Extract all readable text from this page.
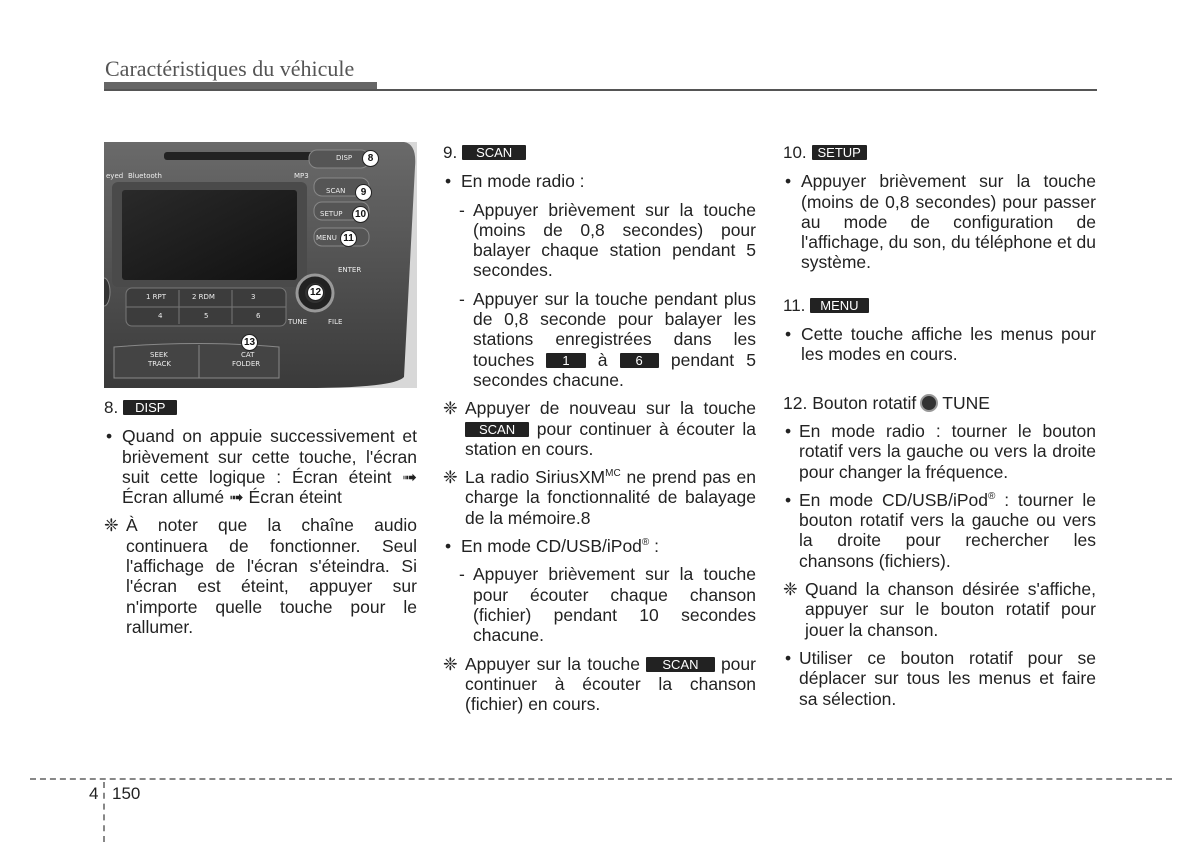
Caractéristiques du véhicule
DISP
SCAN
SETUP
MENU
ENTER
TUNE	FILE
MP3
eyed Bluetooth
1 RPT	2 RDM	3
4	5	6
SEEK
TRACK
CAT
FOLDER
8
9
10
11
12
13

8. DISP

• Quand on appuie successivement et brièvement sur cette touche, l'écran suit cette logique : Écran éteint ➟ Écran allumé ➟ Écran éteint

❈ À noter que la chaîne audio continuera de fonctionner. Seul l'affichage de l'écran s'éteindra. Si l'écran est éteint, appuyer sur n'importe quelle touche pour le rallumer.

9. SCAN

• En mode radio :

- Appuyer brièvement sur la touche (moins de 0,8 secondes) pour balayer chaque station pendant 5 secondes.

- Appuyer sur la touche pendant plus de 0,8 seconde pour balayer les stations enregistrées dans les touches 1 à 6 pendant 5 secondes chacune.

❈ Appuyer de nouveau sur la touche SCAN pour continuer à écouter la station en cours.

❈ La radio SiriusXM$^{MC}$ ne prend pas en charge la fonctionnalité de balayage de la mémoire.8

• En mode CD/USB/iPod® :

- Appuyer brièvement sur la touche pour écouter chaque chanson (fichier) pendant 10 secondes chacune.

❈ Appuyer sur la touche SCAN pour continuer à écouter la chanson (fichier) en cours.

10. SETUP

• Appuyer brièvement sur la touche (moins de 0,8 secondes) pour passer au mode de configuration de l'affichage, du son, du téléphone et du système.

11. MENU

• Cette touche affiche les menus pour les modes en cours.

12. Bouton rotatif TUNE

• En mode radio : tourner le bouton rotatif vers la gauche ou vers la droite pour changer la fréquence.

• En mode CD/USB/iPod® : tourner le bouton rotatif vers la gauche ou vers la droite pour rechercher les chansons (fichiers).

❈ Quand la chanson désirée s'affiche, appuyer sur le bouton rotatif pour jouer la chanson.

• Utiliser ce bouton rotatif pour se déplacer sur tous les menus et faire sa sélection.

4 150
